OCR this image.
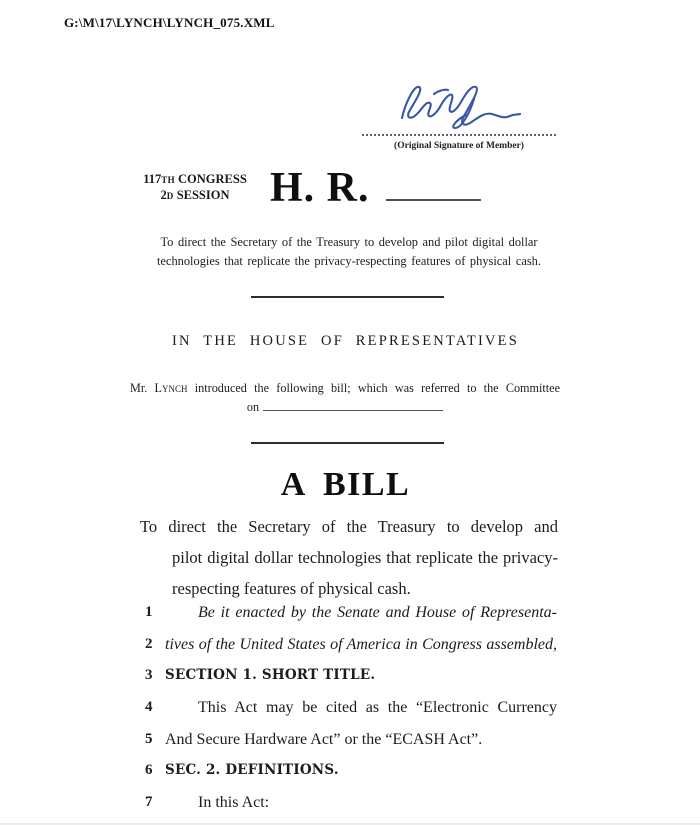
G:\M\17\LYNCH\LYNCH_075.XML
(Original Signature of Member)
117TH CONGRESS
2D SESSION H. R.
To direct the Secretary of the Treasury to develop and pilot digital dollar
technologies that replicate the privacy-respecting features of physical cash.
IN THE HOUSE OF REPRESENTATIVES
Mr. Lynch introduced the following bill; which was referred to the Committee
on
A BILL
To direct the Secretary of the Treasury to develop and
pilot digital dollar technologies that replicate the privacy-
respecting features of physical cash.
1	Be it enacted by the Senate and House of Representa-
2 tives of the United States of America in Congress assembled,
3 SECTION 1. SHORT TITLE.
4	This Act may be cited as the “Electronic Currency
5 And Secure Hardware Act” or the “ECASH Act”.
6 SEC. 2. DEFINITIONS.
7	In this Act:
